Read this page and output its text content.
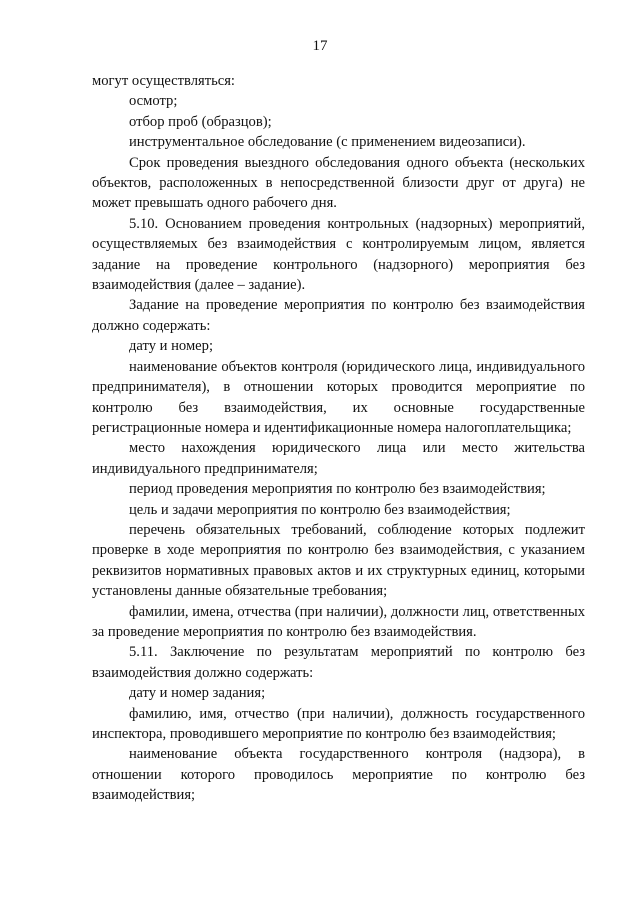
17

могут осуществляться:

осмотр;

отбор проб (образцов);

инструментальное обследование (с применением видеозаписи).

Срок проведения выездного обследования одного объекта (нескольких объектов, расположенных в непосредственной близости друг от друга) не может превышать одного рабочего дня.

5.10. Основанием проведения контрольных (надзорных) мероприятий, осуществляемых без взаимодействия с контролируемым лицом, является задание на проведение контрольного (надзорного) мероприятия без взаимодействия (далее – задание).

Задание на проведение мероприятия по контролю без взаимодействия должно содержать:

дату и номер;

наименование объектов контроля (юридического лица, индивидуального предпринимателя), в отношении которых проводится мероприятие по контролю без взаимодействия, их основные государственные регистрационные номера и идентификационные номера налогоплательщика;

место нахождения юридического лица или место жительства индивидуального предпринимателя;

период проведения мероприятия по контролю без взаимодействия;

цель и задачи мероприятия по контролю без взаимодействия;

перечень обязательных требований, соблюдение которых подлежит проверке в ходе мероприятия по контролю без взаимодействия, с указанием реквизитов нормативных правовых актов и их структурных единиц, которыми установлены данные обязательные требования;

фамилии, имена, отчества (при наличии), должности лиц, ответственных за проведение мероприятия по контролю без взаимодействия.

5.11. Заключение по результатам мероприятий по контролю без взаимодействия должно содержать:

дату и номер задания;

фамилию, имя, отчество (при наличии), должность государственного инспектора, проводившего мероприятие по контролю без взаимодействия;

наименование объекта государственного контроля (надзора), в отношении которого проводилось мероприятие по контролю без взаимодействия;
